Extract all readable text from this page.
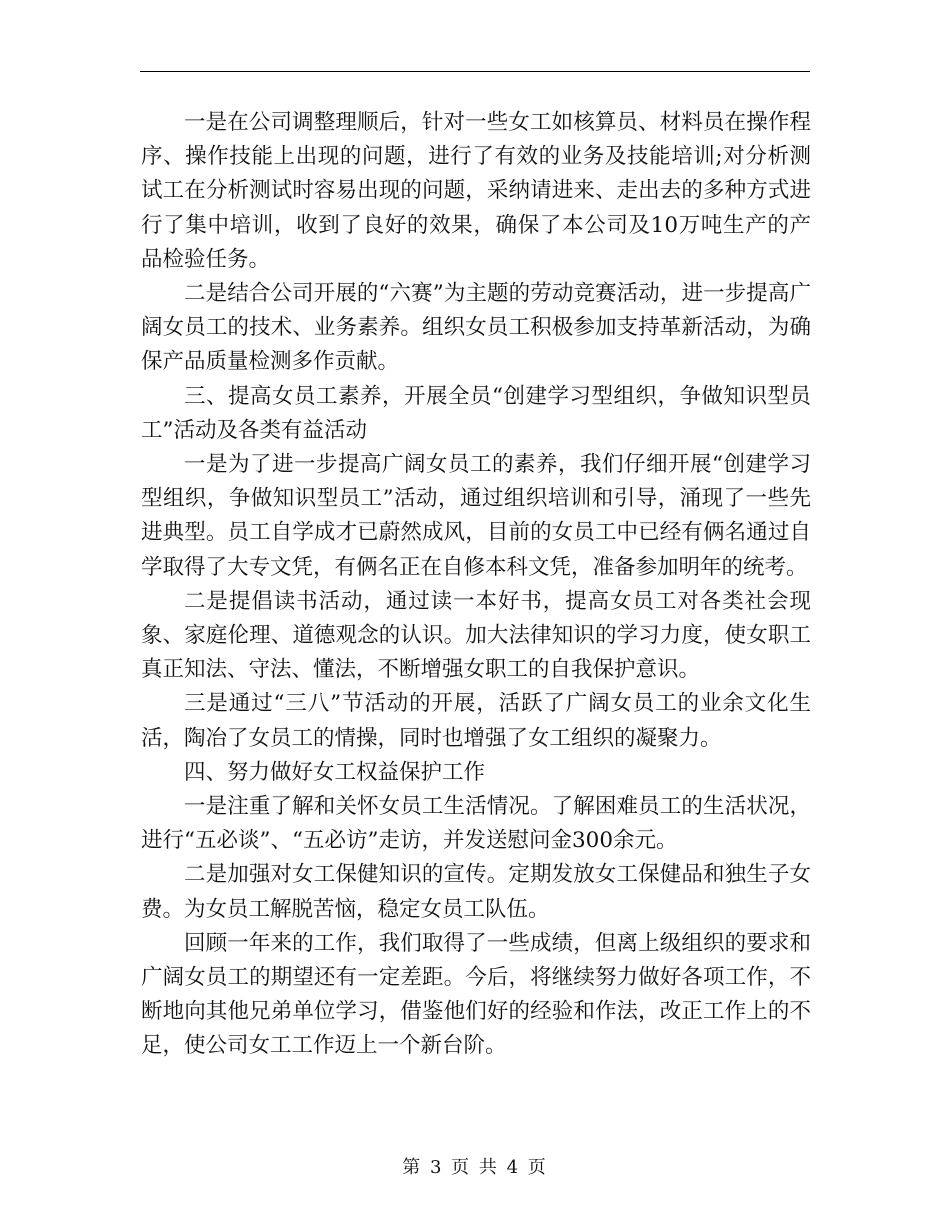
一是在公司调整理顺后，针对一些女工如核算员、材料员在操作程序、操作技能上出现的问题，进行了有效的业务及技能培训;对分析测试工在分析测试时容易出现的问题，采纳请进来、走出去的多种方式进行了集中培训，收到了良好的效果，确保了本公司及10万吨生产的产品检验任务。

二是结合公司开展的“六赛”为主题的劳动竞赛活动，进一步提高广阔女员工的技术、业务素养。组织女员工积极参加支持革新活动，为确保产品质量检测多作贡献。

三、提高女员工素养，开展全员“创建学习型组织，争做知识型员工”活动及各类有益活动

一是为了进一步提高广阔女员工的素养，我们仔细开展“创建学习型组织，争做知识型员工”活动，通过组织培训和引导，涌现了一些先进典型。员工自学成才已蔚然成风，目前的女员工中已经有俩名通过自学取得了大专文凭，有俩名正在自修本科文凭，准备参加明年的统考。

二是提倡读书活动，通过读一本好书，提高女员工对各类社会现象、家庭伦理、道德观念的认识。加大法律知识的学习力度，使女职工真正知法、守法、懂法，不断增强女职工的自我保护意识。

三是通过“三八”节活动的开展，活跃了广阔女员工的业余文化生活，陶冶了女员工的情操，同时也增强了女工组织的凝聚力。

四、努力做好女工权益保护工作

一是注重了解和关怀女员工生活情况。了解困难员工的生活状况，进行“五必谈”、“五必访”走访，并发送慰问金300余元。

二是加强对女工保健知识的宣传。定期发放女工保健品和独生子女费。为女员工解脱苦恼，稳定女员工队伍。

回顾一年来的工作，我们取得了一些成绩，但离上级组织的要求和广阔女员工的期望还有一定差距。今后，将继续努力做好各项工作，不断地向其他兄弟单位学习，借鉴他们好的经验和作法，改正工作上的不足，使公司女工工作迈上一个新台阶。

第 3 页 共 4 页
